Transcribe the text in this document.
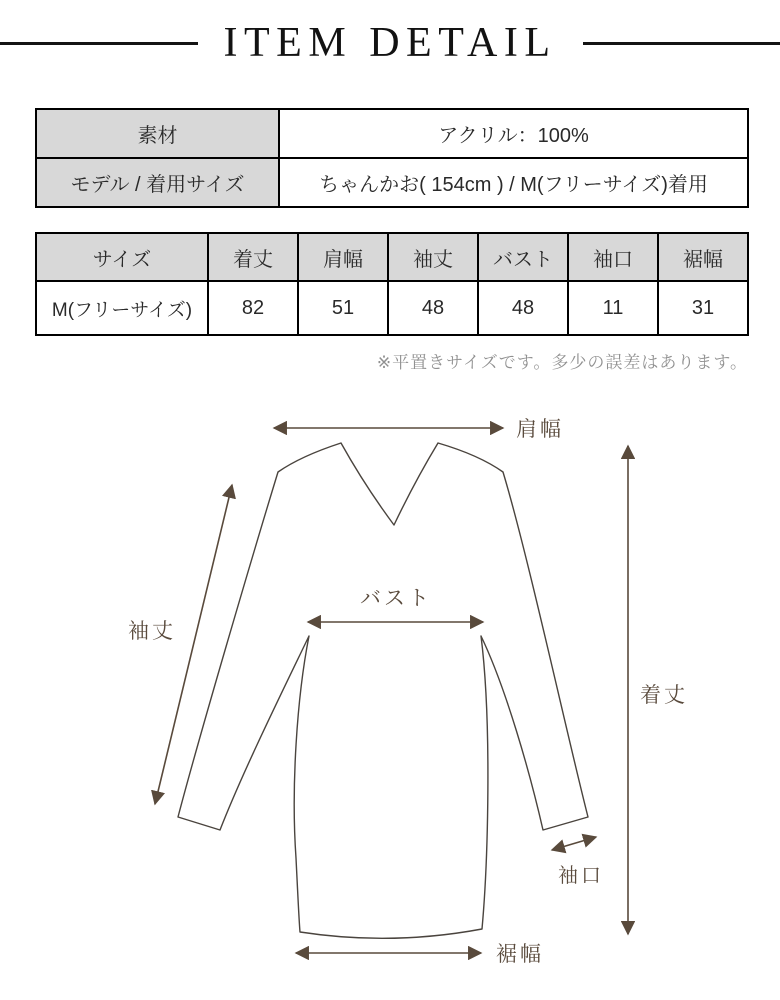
ITEM DETAIL
素材	アクリル：100%
モデル / 着用サイズ	ちゃんかお( 154cm ) / M(フリーサイズ)着用
サイズ	着丈	肩幅	袖丈	バスト	袖口	裾幅
M(フリーサイズ)	82	51	48	48	11	31
※平置きサイズです。多少の誤差はあります。
肩幅
着丈
袖丈
バスト
袖口
裾幅
